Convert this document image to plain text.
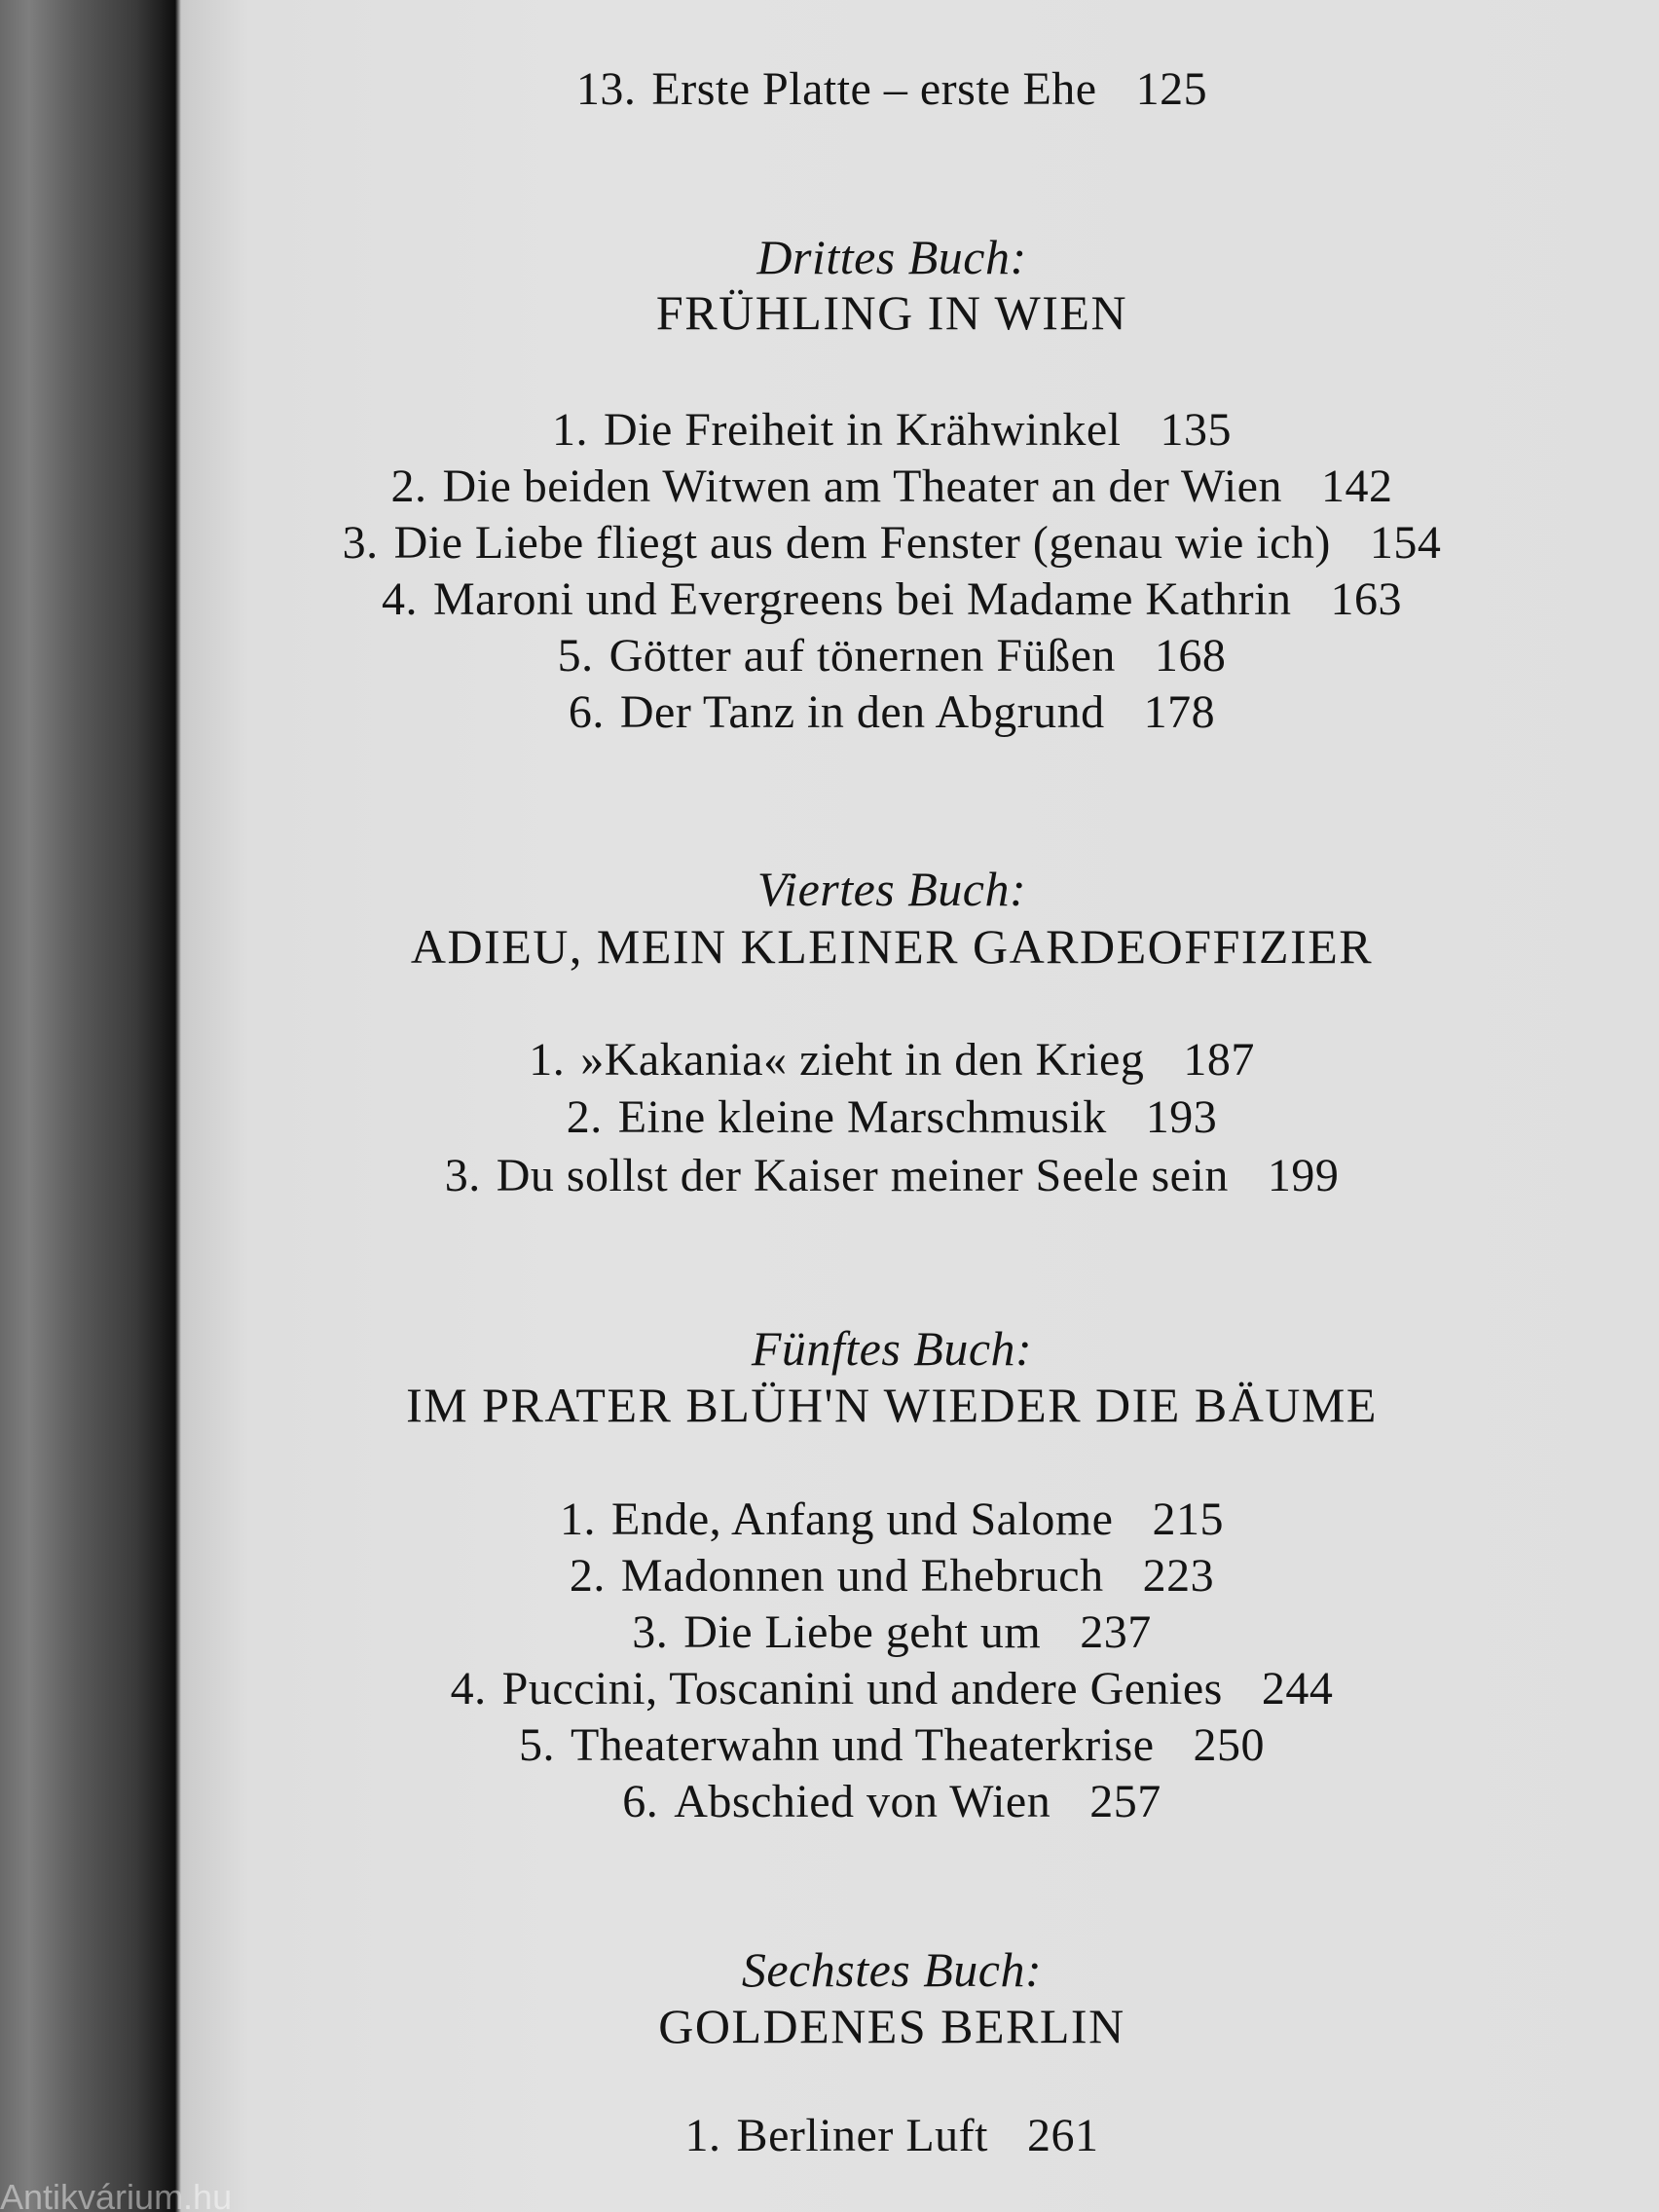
13. Erste Platte – erste Ehe 125
Drittes Buch:
FRÜHLING IN WIEN
1. Die Freiheit in Krähwinkel 135
2. Die beiden Witwen am Theater an der Wien 142
3. Die Liebe fliegt aus dem Fenster (genau wie ich) 154
4. Maroni und Evergreens bei Madame Kathrin 163
5. Götter auf tönernen Füßen 168
6. Der Tanz in den Abgrund 178
Viertes Buch:
ADIEU, MEIN KLEINER GARDEOFFIZIER
1. »Kakania« zieht in den Krieg 187
2. Eine kleine Marschmusik 193
3. Du sollst der Kaiser meiner Seele sein 199
Fünftes Buch:
IM PRATER BLÜH'N WIEDER DIE BÄUME
1. Ende, Anfang und Salome 215
2. Madonnen und Ehebruch 223
3. Die Liebe geht um 237
4. Puccini, Toscanini und andere Genies 244
5. Theaterwahn und Theaterkrise 250
6. Abschied von Wien 257
Sechstes Buch:
GOLDENES BERLIN
1. Berliner Luft 261
Antikvárium.hu
